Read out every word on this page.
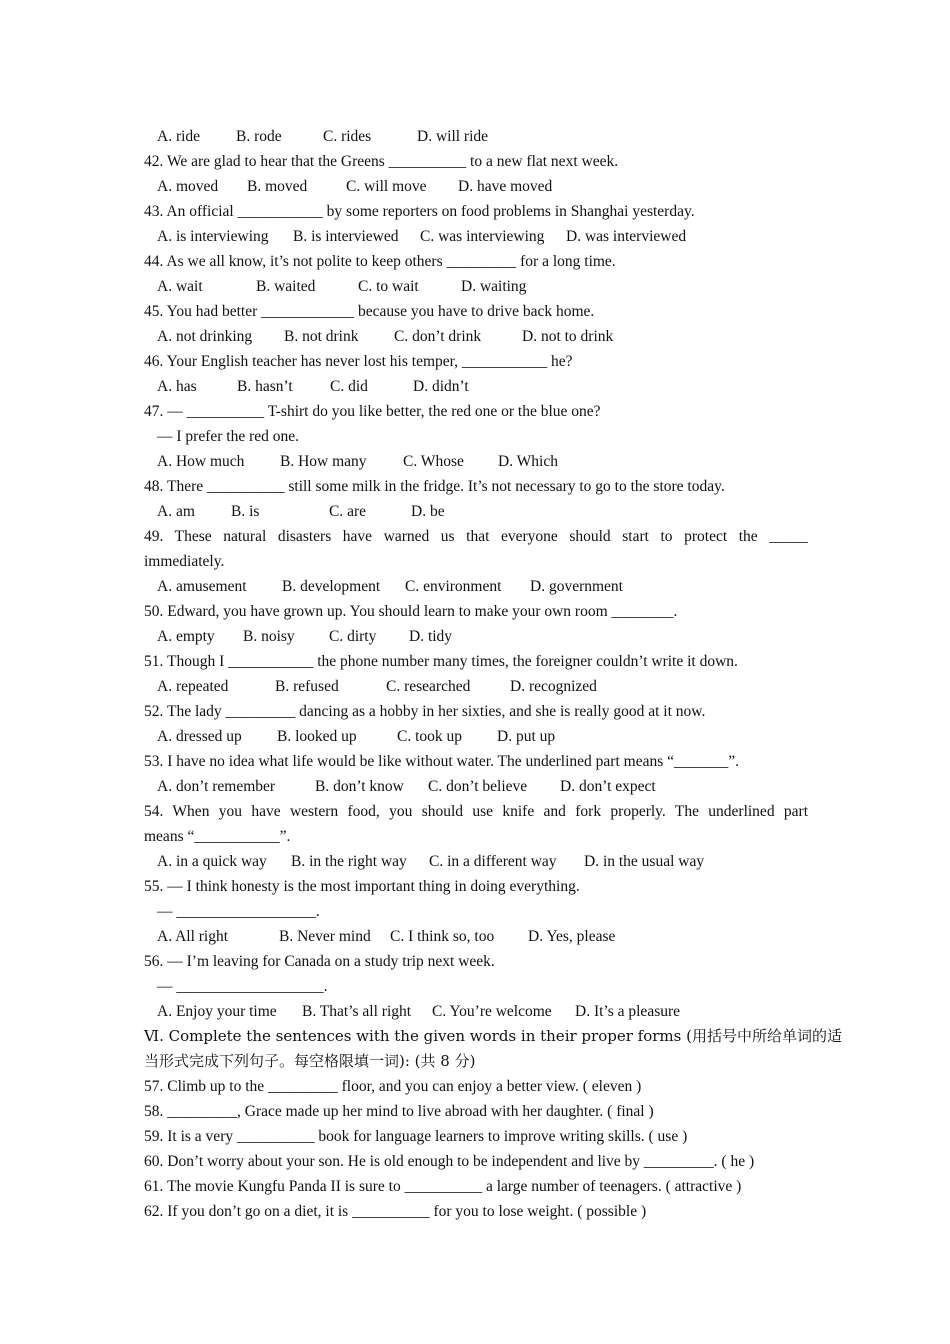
A. ride B. rode	C. rides	D. will ride
42. We are glad to hear that the Greens __________ to a new flat next week.
A. moved B. moved C. will move D. have moved
43. An official ___________ by some reporters on food problems in Shanghai yesterday.
A. is interviewing B. is interviewed C. was interviewing D. was interviewed
44. As we all know, it’s not polite to keep others _________ for a long time.
A. wait	B. waited	C. to wait	D. waiting
45. You had better ____________ because you have to drive back home.
A. not drinking B. not drink C. don’t drink	D. not to drink
46. Your English teacher has never lost his temper, ___________ he?
A. has	B. hasn’t C. did	D. didn’t
47. — __________ T-shirt do you like better, the red one or the blue one?
— I prefer the red one.
A. How much B. How many C. Whose D. Which
48. There __________ still some milk in the fridge. It’s not necessary to go to the store today.
A. am B. is	C. are	D. be
49. These natural disasters have warned us that everyone should start to protect the _____
immediately.
A. amusement B. development C. environment D. government
50. Edward, you have grown up. You should learn to make your own room ________.
A. empty B. noisy C. dirty D. tidy
51. Though I ___________ the phone number many times, the foreigner couldn’t write it down.
A. repeated	B. refused	C. researched	D. recognized
52. The lady _________ dancing as a hobby in her sixties, and she is really good at it now.
A. dressed up B. looked up	C. took up D. put up
53. I have no idea what life would be like without water. The underlined part means “_______”.
A. don’t remember	B. don’t know C. don’t believe D. don’t expect
54. When you have western food, you should use knife and fork properly. The underlined part
means “___________”.
A. in a quick way B. in the right way C. in a different way D. in the usual way
55. — I think honesty is the most important thing in doing everything.
— __________________.
A. All right	B. Never mind C. I think so, too D. Yes, please
56. — I’m leaving for Canada on a study trip next week.
— ___________________.
A. Enjoy your time B. That’s all right C. You’re welcome D. It’s a pleasure
Ⅵ. Complete the sentences with the given words in their proper forms (用括号中所给单词的适
当形式完成下列句子。每空格限填一词): (共 8 分)
57. Climb up to the _________ floor, and you can enjoy a better view. ( eleven )
58. _________, Grace made up her mind to live abroad with her daughter. ( final )
59. It is a very __________ book for language learners to improve writing skills. ( use )
60. Don’t worry about your son. He is old enough to be independent and live by _________. ( he )
61. The movie Kungfu Panda II is sure to __________ a large number of teenagers. ( attractive )
62. If you don’t go on a diet, it is __________ for you to lose weight. ( possible )
